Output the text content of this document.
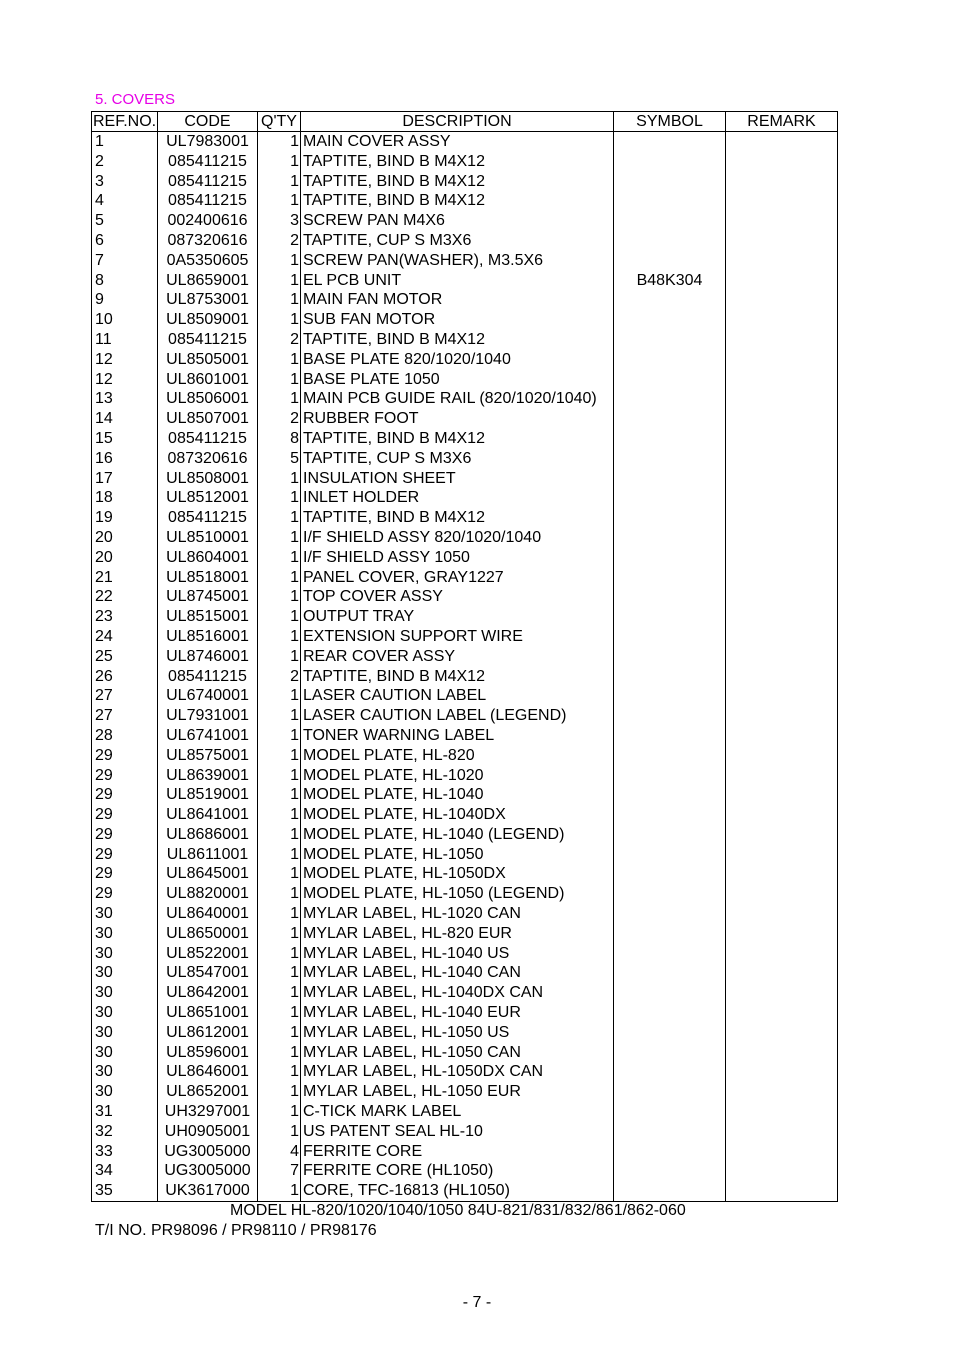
5. COVERS
REF.NO.	CODE	Q'TY	DESCRIPTION	SYMBOL	REMARK
1	UL7983001	1	MAIN COVER ASSY		
2	085411215	1	TAPTITE, BIND B M4X12		
3	085411215	1	TAPTITE, BIND B M4X12		
4	085411215	1	TAPTITE, BIND B M4X12		
5	002400616	3	SCREW PAN M4X6		
6	087320616	2	TAPTITE, CUP S M3X6		
7	0A5350605	1	SCREW PAN(WASHER), M3.5X6		
8	UL8659001	1	EL PCB UNIT	B48K304	
9	UL8753001	1	MAIN FAN MOTOR		
10	UL8509001	1	SUB FAN MOTOR		
11	085411215	2	TAPTITE, BIND B M4X12		
12	UL8505001	1	BASE PLATE 820/1020/1040		
12	UL8601001	1	BASE PLATE 1050		
13	UL8506001	1	MAIN PCB GUIDE RAIL (820/1020/1040)		
14	UL8507001	2	RUBBER FOOT		
15	085411215	8	TAPTITE, BIND B M4X12		
16	087320616	5	TAPTITE, CUP S M3X6		
17	UL8508001	1	INSULATION SHEET		
18	UL8512001	1	INLET HOLDER		
19	085411215	1	TAPTITE, BIND B M4X12		
20	UL8510001	1	I/F SHIELD ASSY 820/1020/1040		
20	UL8604001	1	I/F SHIELD ASSY 1050		
21	UL8518001	1	PANEL COVER, GRAY1227		
22	UL8745001	1	TOP COVER ASSY		
23	UL8515001	1	OUTPUT TRAY		
24	UL8516001	1	EXTENSION SUPPORT WIRE		
25	UL8746001	1	REAR COVER ASSY		
26	085411215	2	TAPTITE, BIND B M4X12		
27	UL6740001	1	LASER CAUTION LABEL		
27	UL7931001	1	LASER CAUTION LABEL (LEGEND)		
28	UL6741001	1	TONER WARNING LABEL		
29	UL8575001	1	MODEL PLATE, HL-820		
29	UL8639001	1	MODEL PLATE, HL-1020		
29	UL8519001	1	MODEL PLATE, HL-1040		
29	UL8641001	1	MODEL PLATE, HL-1040DX		
29	UL8686001	1	MODEL PLATE, HL-1040 (LEGEND)		
29	UL8611001	1	MODEL PLATE, HL-1050		
29	UL8645001	1	MODEL PLATE, HL-1050DX		
29	UL8820001	1	MODEL PLATE, HL-1050 (LEGEND)		
30	UL8640001	1	MYLAR LABEL, HL-1020 CAN		
30	UL8650001	1	MYLAR LABEL, HL-820 EUR		
30	UL8522001	1	MYLAR LABEL, HL-1040 US		
30	UL8547001	1	MYLAR LABEL, HL-1040 CAN		
30	UL8642001	1	MYLAR LABEL, HL-1040DX CAN		
30	UL8651001	1	MYLAR LABEL, HL-1040 EUR		
30	UL8612001	1	MYLAR LABEL, HL-1050 US		
30	UL8596001	1	MYLAR LABEL, HL-1050 CAN		
30	UL8646001	1	MYLAR LABEL, HL-1050DX CAN		
30	UL8652001	1	MYLAR LABEL, HL-1050 EUR		
31	UH3297001	1	C-TICK MARK LABEL		
32	UH0905001	1	US PATENT SEAL HL-10		
33	UG3005000	4	FERRITE CORE		
34	UG3005000	7	FERRITE CORE (HL1050)		
35	UK3617000	1	CORE, TFC-16813 (HL1050)		
MODEL HL-820/1020/1040/1050 84U-821/831/832/861/862-060
T/I NO. PR98096 / PR98110 / PR98176
- 7 -
